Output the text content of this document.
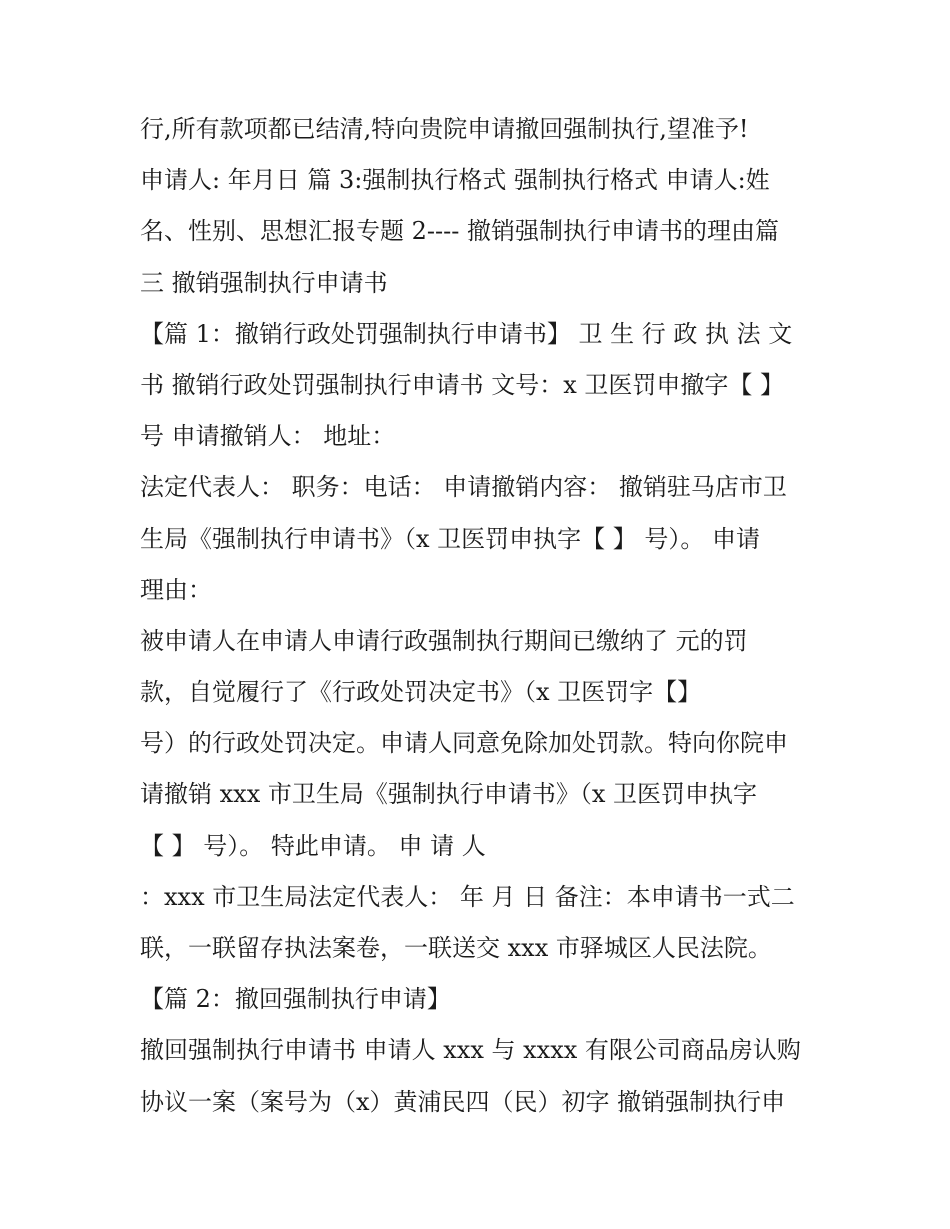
行,所有款项都已结清,特向贵院申请撤回强制执行,望准予!
申请人: 年月日 篇 3:强制执行格式 强制执行格式 申请人:姓
名、性别、思想汇报专题 2---- 撤销强制执行申请书的理由篇
三 撤销强制执行申请书
【篇 1：撤销行政处罚强制执行申请书】 卫 生 行 政 执 法 文
书 撤销行政处罚强制执行申请书 文号：x 卫医罚申撤字【 】
号 申请撤销人： 地址：
法定代表人： 职务：电话： 申请撤销内容： 撤销驻马店市卫
生局《强制执行申请书》（x 卫医罚申执字【 】 号）。 申请
理由：
被申请人在申请人申请行政强制执行期间已缴纳了 元的罚
款，自觉履行了《行政处罚决定书》（x 卫医罚字【】
号）的行政处罚决定。申请人同意免除加处罚款。特向你院申
请撤销 xxx 市卫生局《强制执行申请书》（x 卫医罚申执字
【 】 号）。 特此申请。 申 请 人
：xxx 市卫生局法定代表人： 年 月 日 备注：本申请书一式二
联，一联留存执法案卷，一联送交 xxx 市驿城区人民法院。
【篇 2：撤回强制执行申请】
撤回强制执行申请书 申请人 xxx 与 xxxx 有限公司商品房认购
协议一案（案号为（x）黄浦民四（民）初字 撤销强制执行申
